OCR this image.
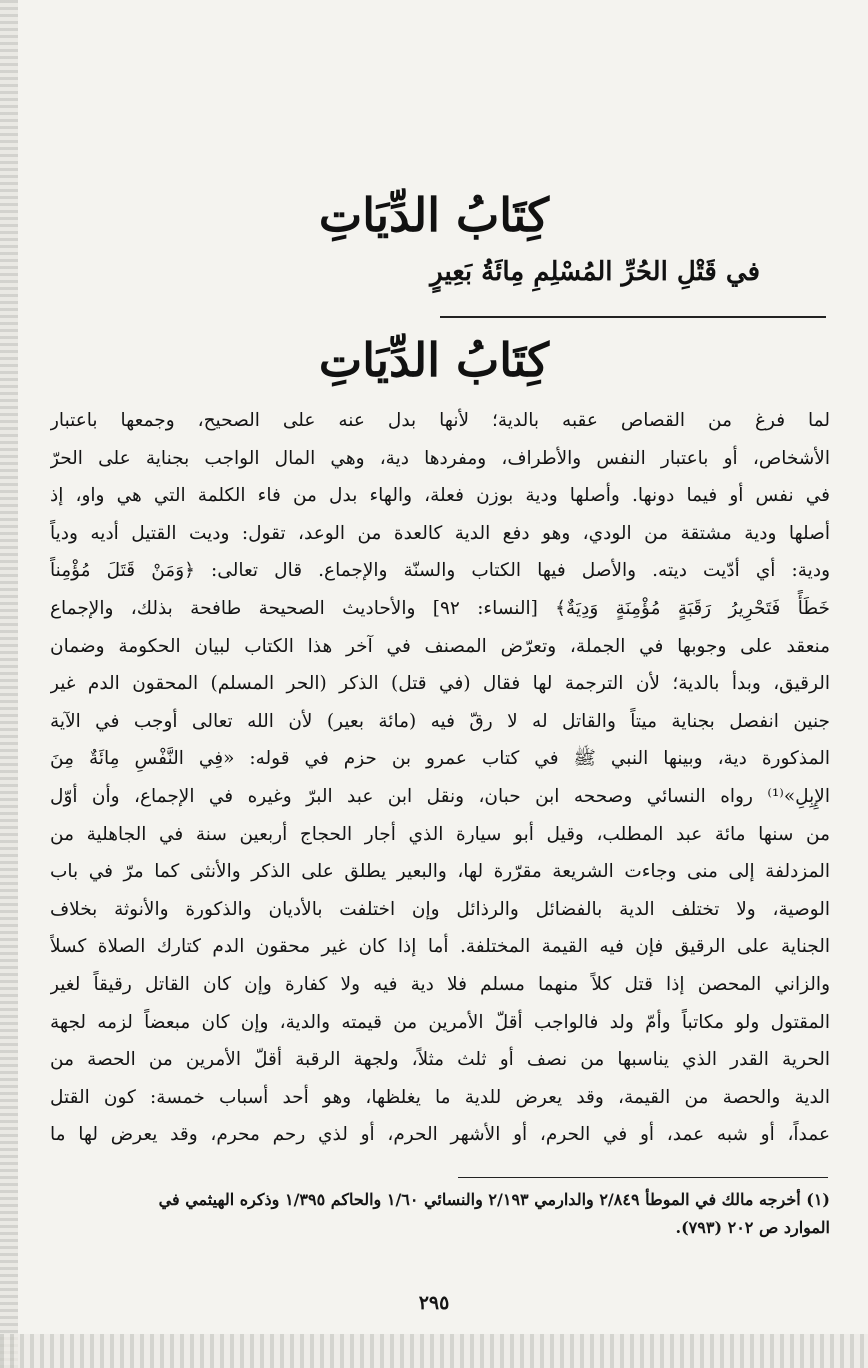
كِتَابُ الدِّيَاتِ
في قَتْلِ الحُرِّ المُسْلِمِ مِائَةُ بَعِيرٍ
كِتَابُ الدِّيَاتِ
لما فرغ من القصاص عقبه بالدية؛ لأنها بدل عنه على الصحيح، وجمعها باعتبار
الأشخاص، أو باعتبار النفس والأطراف، ومفردها دية، وهي المال الواجب بجناية على الحرّ
في نفس أو فيما دونها. وأصلها ودية بوزن فعلة، والهاء بدل من فاء الكلمة التي هي واو، إذ
أصلها ودية مشتقة من الودي، وهو دفع الدية كالعدة من الوعد، تقول: وديت القتيل أديه ودياً
ودية: أي أدّيت ديته. والأصل فيها الكتاب والسنّة والإجماع. قال تعالى: ﴿وَمَنْ قَتَلَ مُؤْمِناً
خَطَأً فَتَحْرِيرُ رَقَبَةٍ مُؤْمِنَةٍ وَدِيَةٌ﴾ [النساء: ٩٢] والأحاديث الصحيحة طافحة بذلك، والإجماع
منعقد على وجوبها في الجملة، وتعرّض المصنف في آخر هذا الكتاب لبيان الحكومة وضمان
الرقيق، وبدأ بالدية؛ لأن الترجمة لها فقال (في قتل) الذكر (الحر المسلم) المحقون الدم غير
جنين انفصل بجناية ميتاً والقاتل له لا رقّ فيه (مائة بعير) لأن الله تعالى أوجب في الآية
المذكورة دية، وبينها النبي ﷺ في كتاب عمرو بن حزم في قوله: «فِي النَّفْسِ مِائَةٌ مِنَ
الإِبِلِ»⁽¹⁾ رواه النسائي وصححه ابن حبان، ونقل ابن عبد البرّ وغيره في الإجماع، وأن أوّل
من سنها مائة عبد المطلب، وقيل أبو سيارة الذي أجار الحجاج أربعين سنة في الجاهلية من
المزدلفة إلى منى وجاءت الشريعة مقرّرة لها، والبعير يطلق على الذكر والأنثى كما مرّ في باب
الوصية، ولا تختلف الدية بالفضائل والرذائل وإن اختلفت بالأديان والذكورة والأنوثة بخلاف
الجناية على الرقيق فإن فيه القيمة المختلفة. أما إذا كان غير محقون الدم كتارك الصلاة كسلاً
والزاني المحصن إذا قتل كلاً منهما مسلم فلا دية فيه ولا كفارة وإن كان القاتل رقيقاً لغير
المقتول ولو مكاتباً وأمّ ولد فالواجب أقلّ الأمرين من قيمته والدية، وإن كان مبعضاً لزمه لجهة
الحرية القدر الذي يناسبها من نصف أو ثلث مثلاً، ولجهة الرقبة أقلّ الأمرين من الحصة من
الدية والحصة من القيمة، وقد يعرض للدية ما يغلظها، وهو أحد أسباب خمسة: كون القتل
عمداً، أو شبه عمد، أو في الحرم، أو الأشهر الحرم، أو لذي رحم محرم، وقد يعرض لها ما
(١) أخرجه مالك في الموطأ ٢/٨٤٩ والدارمي ٢/١٩٣ والنسائي ١/٦٠ والحاكم ١/٣٩٥ وذكره الهيثمي في
الموارد ص ٢٠٢ (٧٩٣).
٢٩٥
